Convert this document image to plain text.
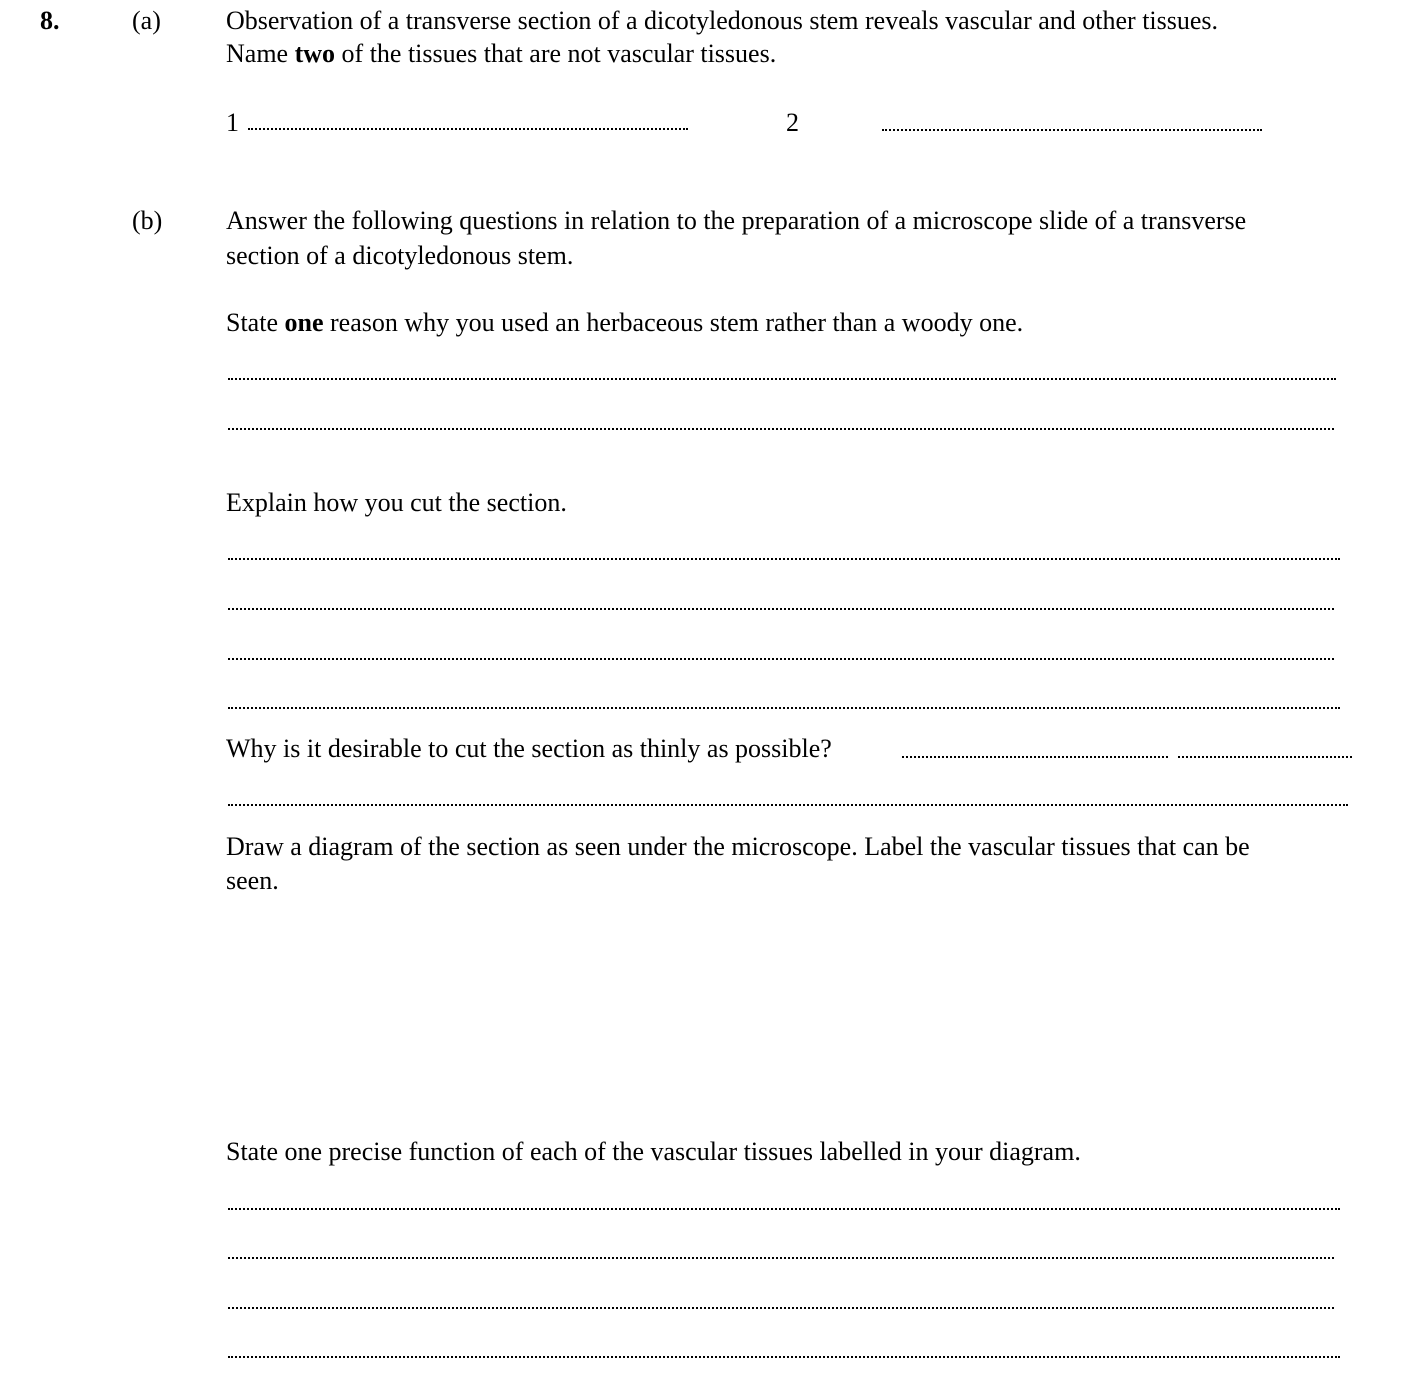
8.	(a)	Observation of a transverse section of a dicotyledonous stem reveals vascular and other tissues.
Name two of the tissues that are not vascular tissues.
1	2
(b) Answer the following questions in relation to the preparation of a microscope slide of a transverse
section of a dicotyledonous stem.
State one reason why you used an herbaceous stem rather than a woody one.
Explain how you cut the section.
Why is it desirable to cut the section as thinly as possible?
Draw a diagram of the section as seen under the microscope. Label the vascular tissues that can be
seen.
State one precise function of each of the vascular tissues labelled in your diagram.
